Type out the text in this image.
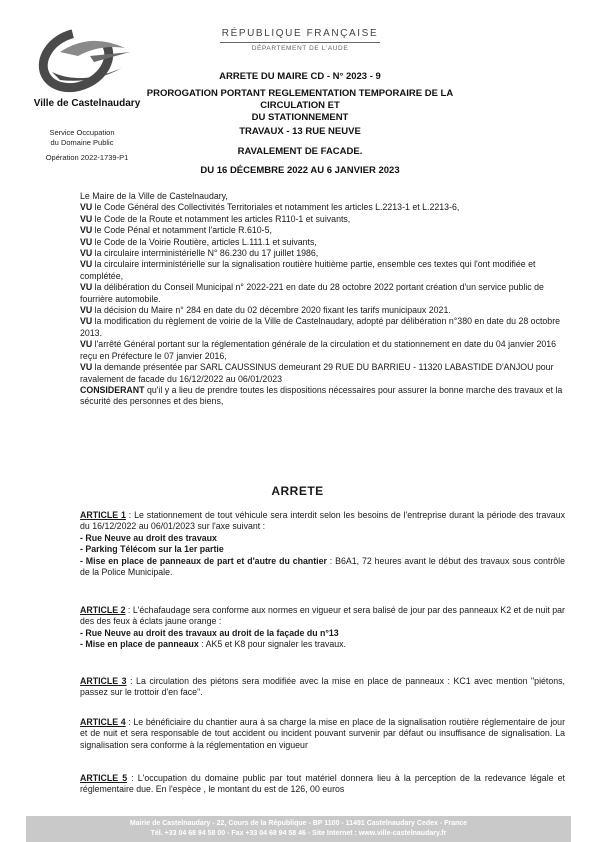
Ville de Castelnaudary
Service Occupation
du Domaine Public
Opération 2022-1739-P1
RÉPUBLIQUE FRANÇAISE
DÉPARTEMENT DE L'AUDE
ARRETE DU MAIRE CD - N° 2023 - 9
PROROGATION PORTANT REGLEMENTATION TEMPORAIRE DE LA CIRCULATION ET
DU STATIONNEMENT
TRAVAUX - 13 RUE NEUVE
RAVALEMENT DE FACADE.
DU 16 DÉCEMBRE 2022 AU 6 JANVIER 2023

Le Maire de la Ville de Castelnaudary,

VU le Code Général des Collectivités Territoriales et notamment les articles L.2213-1 et L.2213-6,

VU le Code de la Route et notamment les articles R110-1 et suivants,

VU le Code Pénal et notamment l'article R.610-5,

VU le Code de la Voirie Routière, articles L.111.1 et suivants,

VU la circulaire interministérielle N° 86.230 du 17 juillet 1986,

VU la circulaire interministérielle sur la signalisation routière huitième partie, ensemble ces textes qui l'ont modifiée et complétée,

VU la délibération du Conseil Municipal n° 2022-221 en date du 28 octobre 2022 portant création d'un service public de fourrière automobile.

VU la décision du Maire n° 284 en date du 02 décembre 2020 fixant les tarifs municipaux 2021.

VU la modification du règlement de voirie de la Ville de Castelnaudary, adopté par délibération n°380 en date du 28 octobre 2013.

VU l'arrêté Général portant sur la réglementation générale de la circulation et du stationnement en date du 04 janvier 2016 reçu en Préfecture le 07 janvier 2016,

VU la demande présentée par SARL CAUSSINUS demeurant 29 RUE DU BARRIEU - 11320 LABASTIDE D'ANJOU pour ravalement de facade du 16/12/2022 au 06/01/2023

CONSIDERANT qu'il y a lieu de prendre toutes les dispositions nécessaires pour assurer la bonne marche des travaux et la sécurité des personnes et des biens,

ARRETE

ARTICLE 1 : Le stationnement de tout véhicule sera interdit selon les besoins de l'entreprise durant la période des travaux du 16/12/2022 au 06/01/2023 sur l'axe suivant :

- Rue Neuve au droit des travaux

- Parking Télécom sur la 1er partie

- Mise en place de panneaux de part et d'autre du chantier : B6A1, 72 heures avant le début des travaux sous contrôle de la Police Municipale.

ARTICLE 2 : L'échafaudage sera conforme aux normes en vigueur et sera balisé de jour par des panneaux K2 et de nuit par des des feux à éclats jaune orange :

- Rue Neuve au droit des travaux au droit de la façade du n°13

- Mise en place de panneaux : AK5 et K8 pour signaler les travaux.

ARTICLE 3 : La circulation des piétons sera modifiée avec la mise en place de panneaux : KC1 avec mention "piétons, passez sur le trottoir d'en face".

ARTICLE 4 : Le bénéficiaire du chantier aura à sa charge la mise en place de la signalisation routière réglementaire de jour et de nuit et sera responsable de tout accident ou incident pouvant survenir par défaut ou insuffisance de signalisation. La signalisation sera conforme à la réglementation en vigueur

ARTICLE 5 : L'occupation du domaine public par tout matériel donnera lieu à la perception de la redevance légale et réglementaire due. En l'espèce , le montant du est de 126, 00 euros

Mairie de Castelnaudary - 22, Cours de la République - BP 1100 - 11491 Castelnaudary Cedex - France
Tél. +33 04 68 94 58 00 - Fax +33 04 68 94 58 46 - Site Internet : www.ville-castelnaudary.fr
